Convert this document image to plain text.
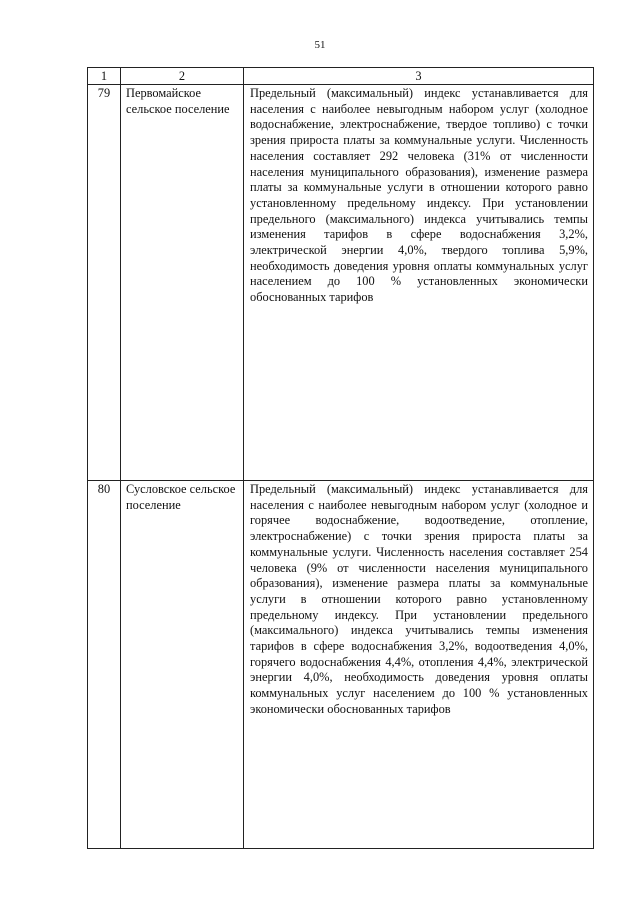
51
1	2	3
79	Первомайское сельское поселение	Предельный (максимальный) индекс устанавливается для населения с наиболее невыгодным набором услуг (холодное водоснабжение, электроснабжение, твердое топливо) с точки зрения прироста платы за коммунальные услуги. Численность населения составляет 292 человека (31% от численности населения муниципального образования), изменение размера платы за коммунальные услуги в отношении которого равно установленному предельному индексу. При установлении предельного (максимального) индекса учитывались темпы изменения тарифов в сфере водоснабжения 3,2%, электрической энергии 4,0%, твердого топлива 5,9%, необходимость доведения уровня оплаты коммунальных услуг населением до 100 % установленных экономически обоснованных тарифов
80	Сусловское сельское поселение	Предельный (максимальный) индекс устанавливается для населения с наиболее невыгодным набором услуг (холодное и горячее водоснабжение, водоотведение, отопление, электроснабжение) с точки зрения прироста платы за коммунальные услуги. Численность населения составляет 254 человека (9% от численности населения муниципального образования), изменение размера платы за коммунальные услуги в отношении которого равно установленному предельному индексу. При установлении предельного (максимального) индекса учитывались темпы изменения тарифов в сфере водоснабжения 3,2%, водоотведения 4,0%, горячего водоснабжения 4,4%, отопления 4,4%, электрической энергии 4,0%, необходимость доведения уровня оплаты коммунальных услуг населением до 100 % установленных экономически обоснованных тарифов
